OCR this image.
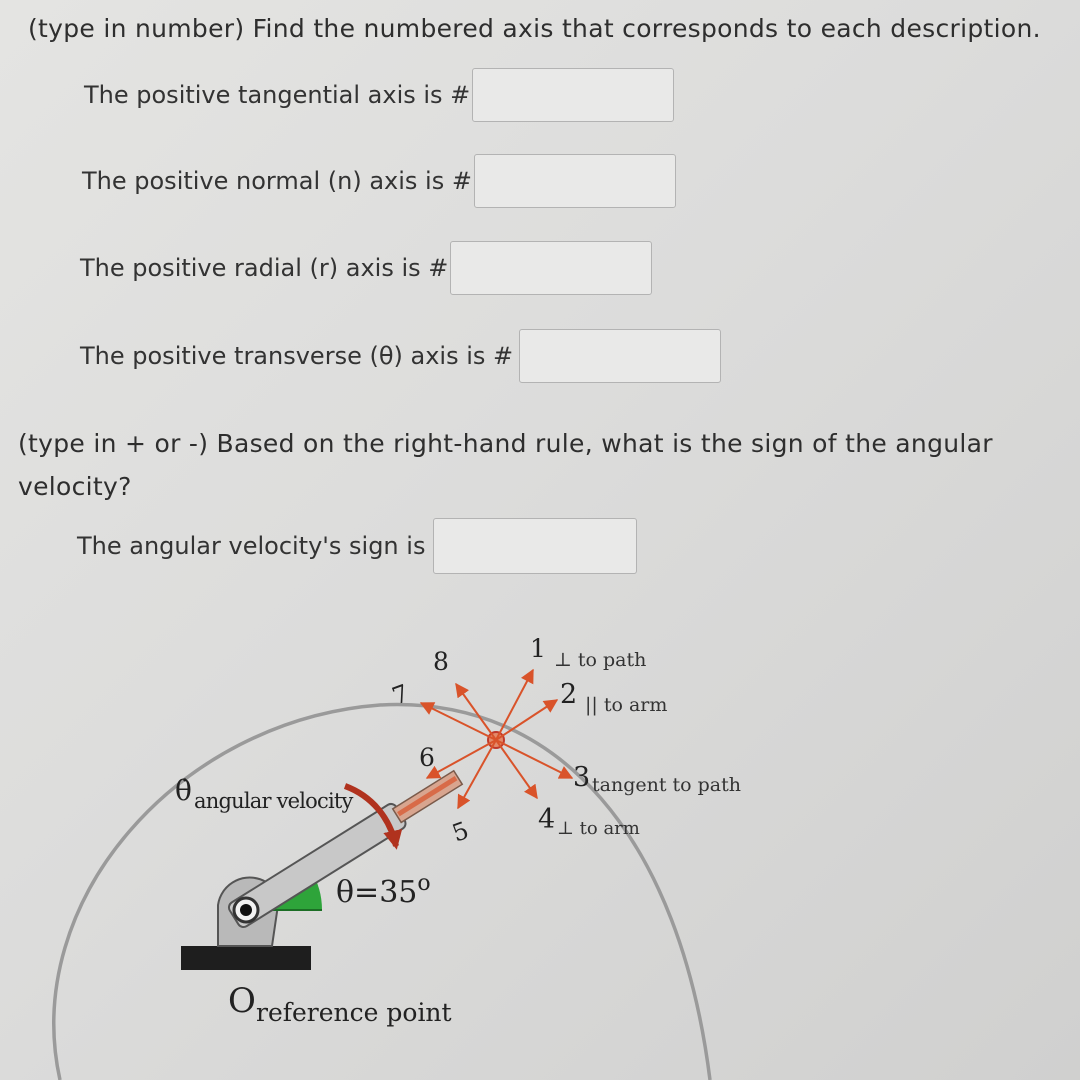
(type in number) Find the numbered axis that corresponds to each description.

The positive tangential axis is #
The positive normal (n) axis is #
The positive radial (r) axis is #
The positive transverse (θ) axis is #

(type in + or -) Based on the right-hand rule, what is the sign of the angular velocity?

The angular velocity's sign is
1
2
3
4
5
6
7
8	⊥ to path
|| to arm
tangent to path
⊥ to arm
θ̇ angular velocity
$\theta=35^o$
O reference point
